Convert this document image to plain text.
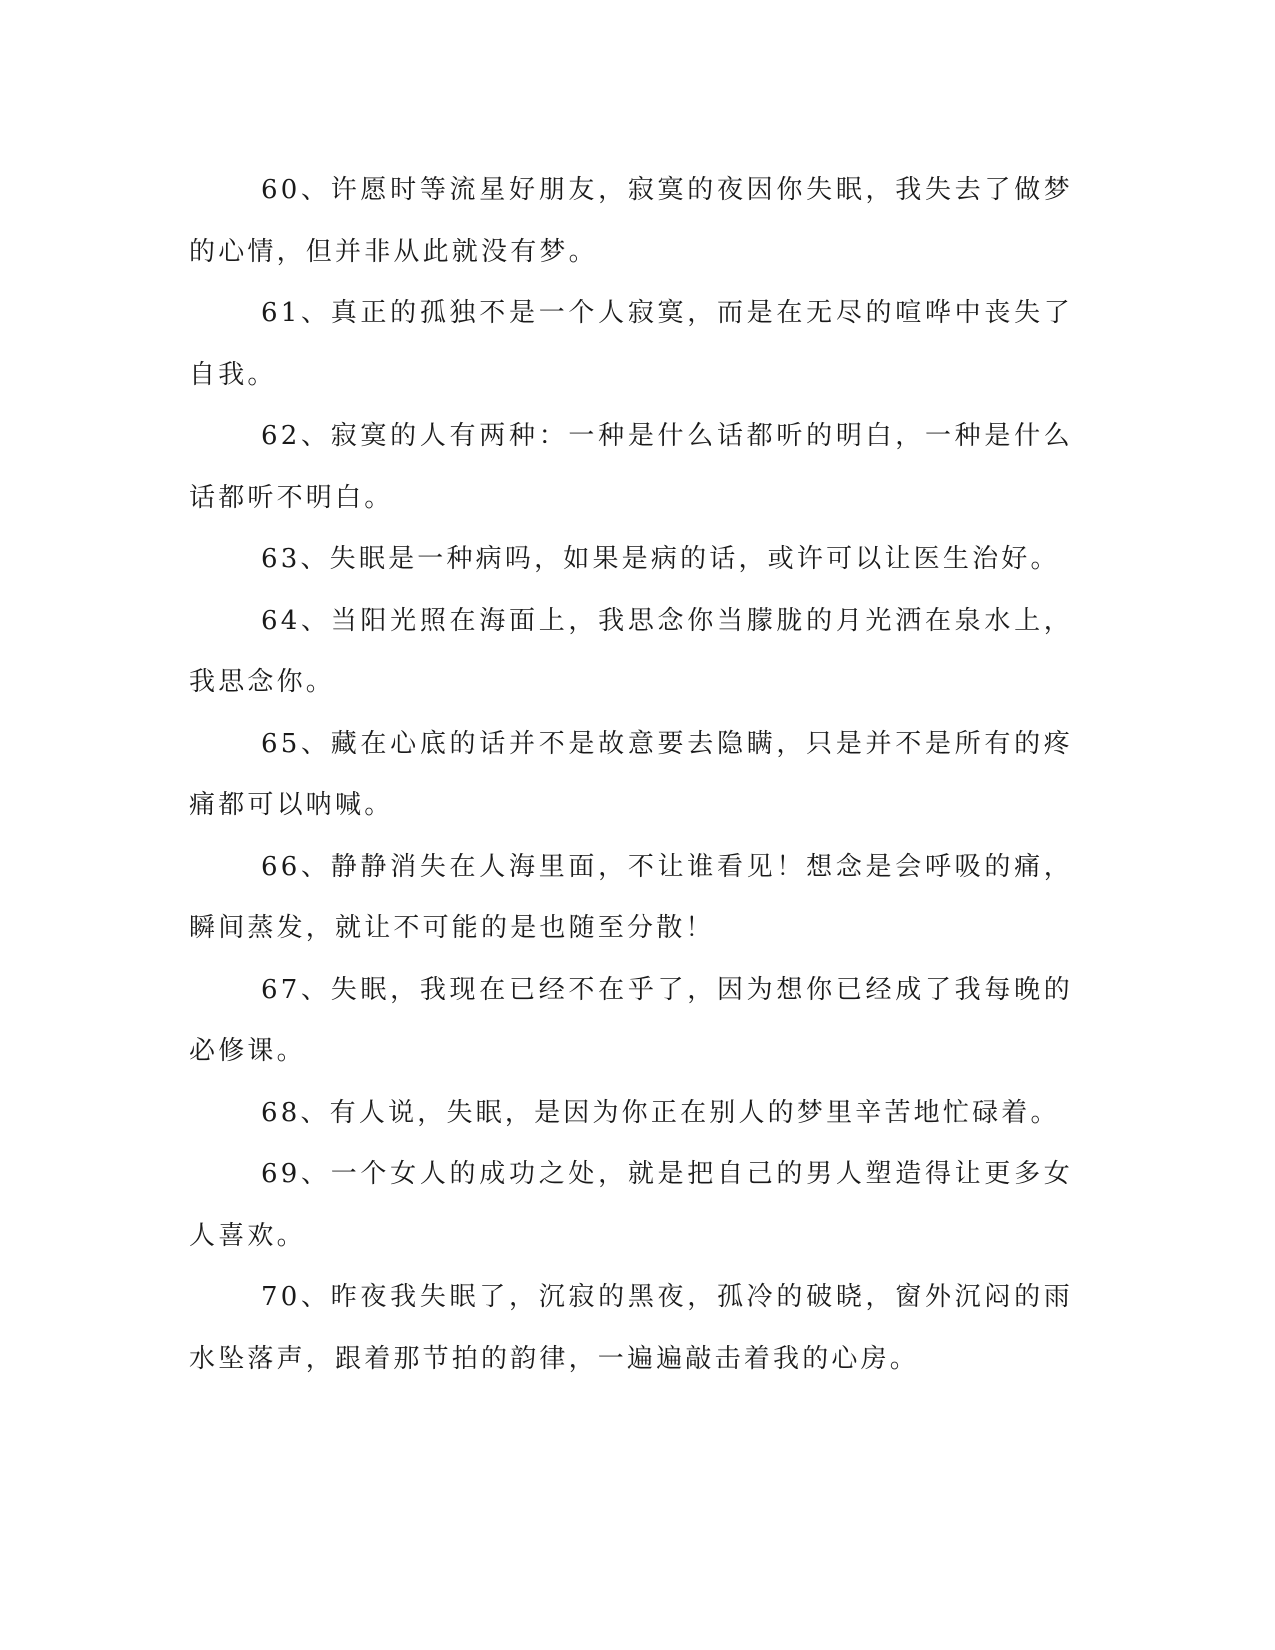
60、许愿时等流星好朋友，寂寞的夜因你失眠，我失去了做梦的心情，但并非从此就没有梦。

61、真正的孤独不是一个人寂寞，而是在无尽的喧哗中丧失了自我。

62、寂寞的人有两种：一种是什么话都听的明白，一种是什么话都听不明白。

63、失眠是一种病吗，如果是病的话，或许可以让医生治好。

64、当阳光照在海面上，我思念你当朦胧的月光洒在泉水上，我思念你。

65、藏在心底的话并不是故意要去隐瞒，只是并不是所有的疼痛都可以呐喊。

66、静静消失在人海里面，不让谁看见！想念是会呼吸的痛，瞬间蒸发，就让不可能的是也随至分散！

67、失眠，我现在已经不在乎了，因为想你已经成了我每晚的必修课。

68、有人说，失眠，是因为你正在别人的梦里辛苦地忙碌着。

69、一个女人的成功之处，就是把自己的男人塑造得让更多女人喜欢。

70、昨夜我失眠了，沉寂的黑夜，孤冷的破晓，窗外沉闷的雨水坠落声，跟着那节拍的韵律，一遍遍敲击着我的心房。
